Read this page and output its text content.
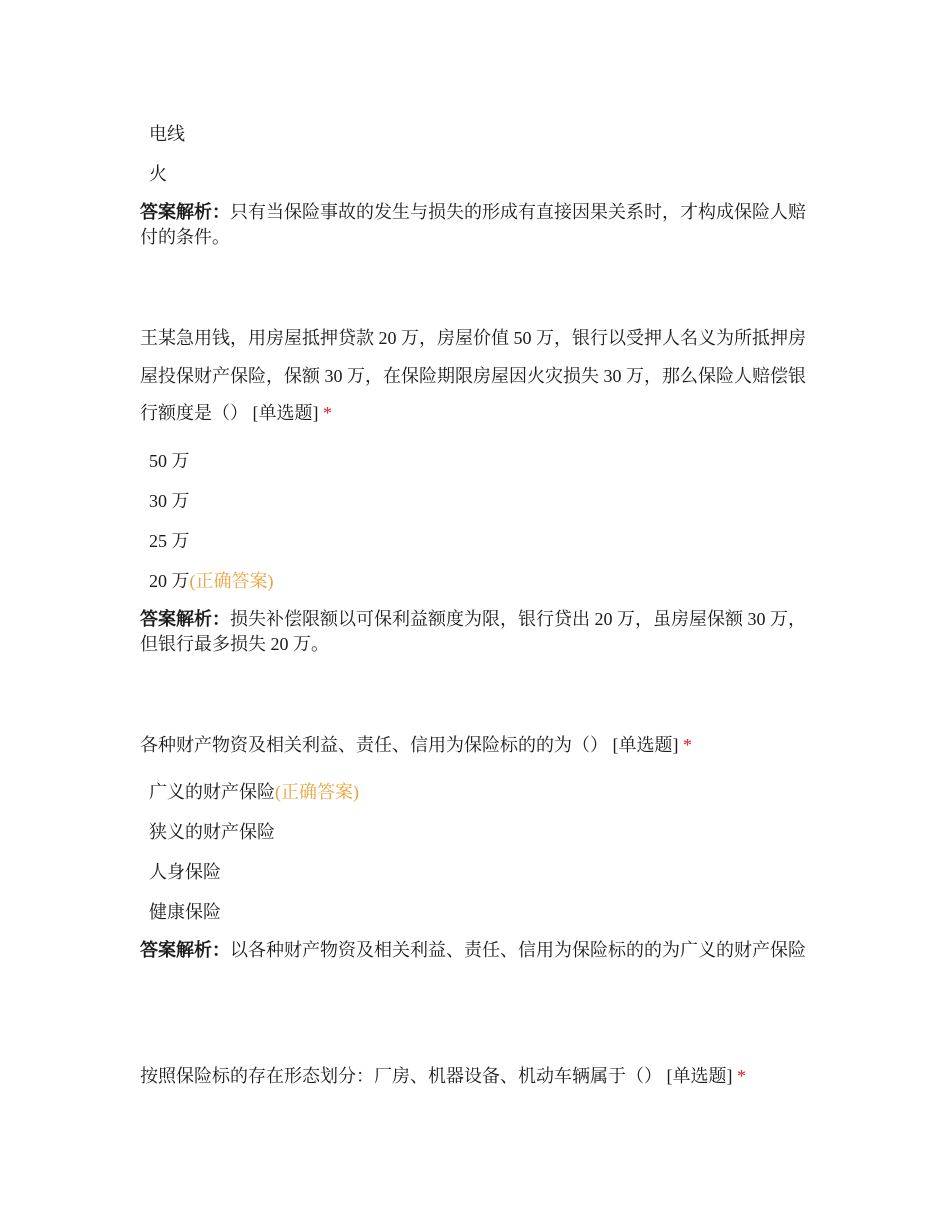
电线
火
答案解析：只有当保险事故的发生与损失的形成有直接因果关系时，才构成保险人赔付的条件。
王某急用钱，用房屋抵押贷款 20 万，房屋价值 50 万，银行以受押人名义为所抵押房屋投保财产保险，保额 30 万，在保险期限房屋因火灾损失 30 万，那么保险人赔偿银行额度是（） [单选题] *
50 万
30 万
25 万
20 万(正确答案)
答案解析：损失补偿限额以可保利益额度为限，银行贷出 20 万，虽房屋保额 30 万，但银行最多损失 20 万。
各种财产物资及相关利益、责任、信用为保险标的的为（） [单选题] *
广义的财产保险(正确答案)
狭义的财产保险
人身保险
健康保险
答案解析：以各种财产物资及相关利益、责任、信用为保险标的的为广义的财产保险
按照保险标的存在形态划分：厂房、机器设备、机动车辆属于（） [单选题] *
